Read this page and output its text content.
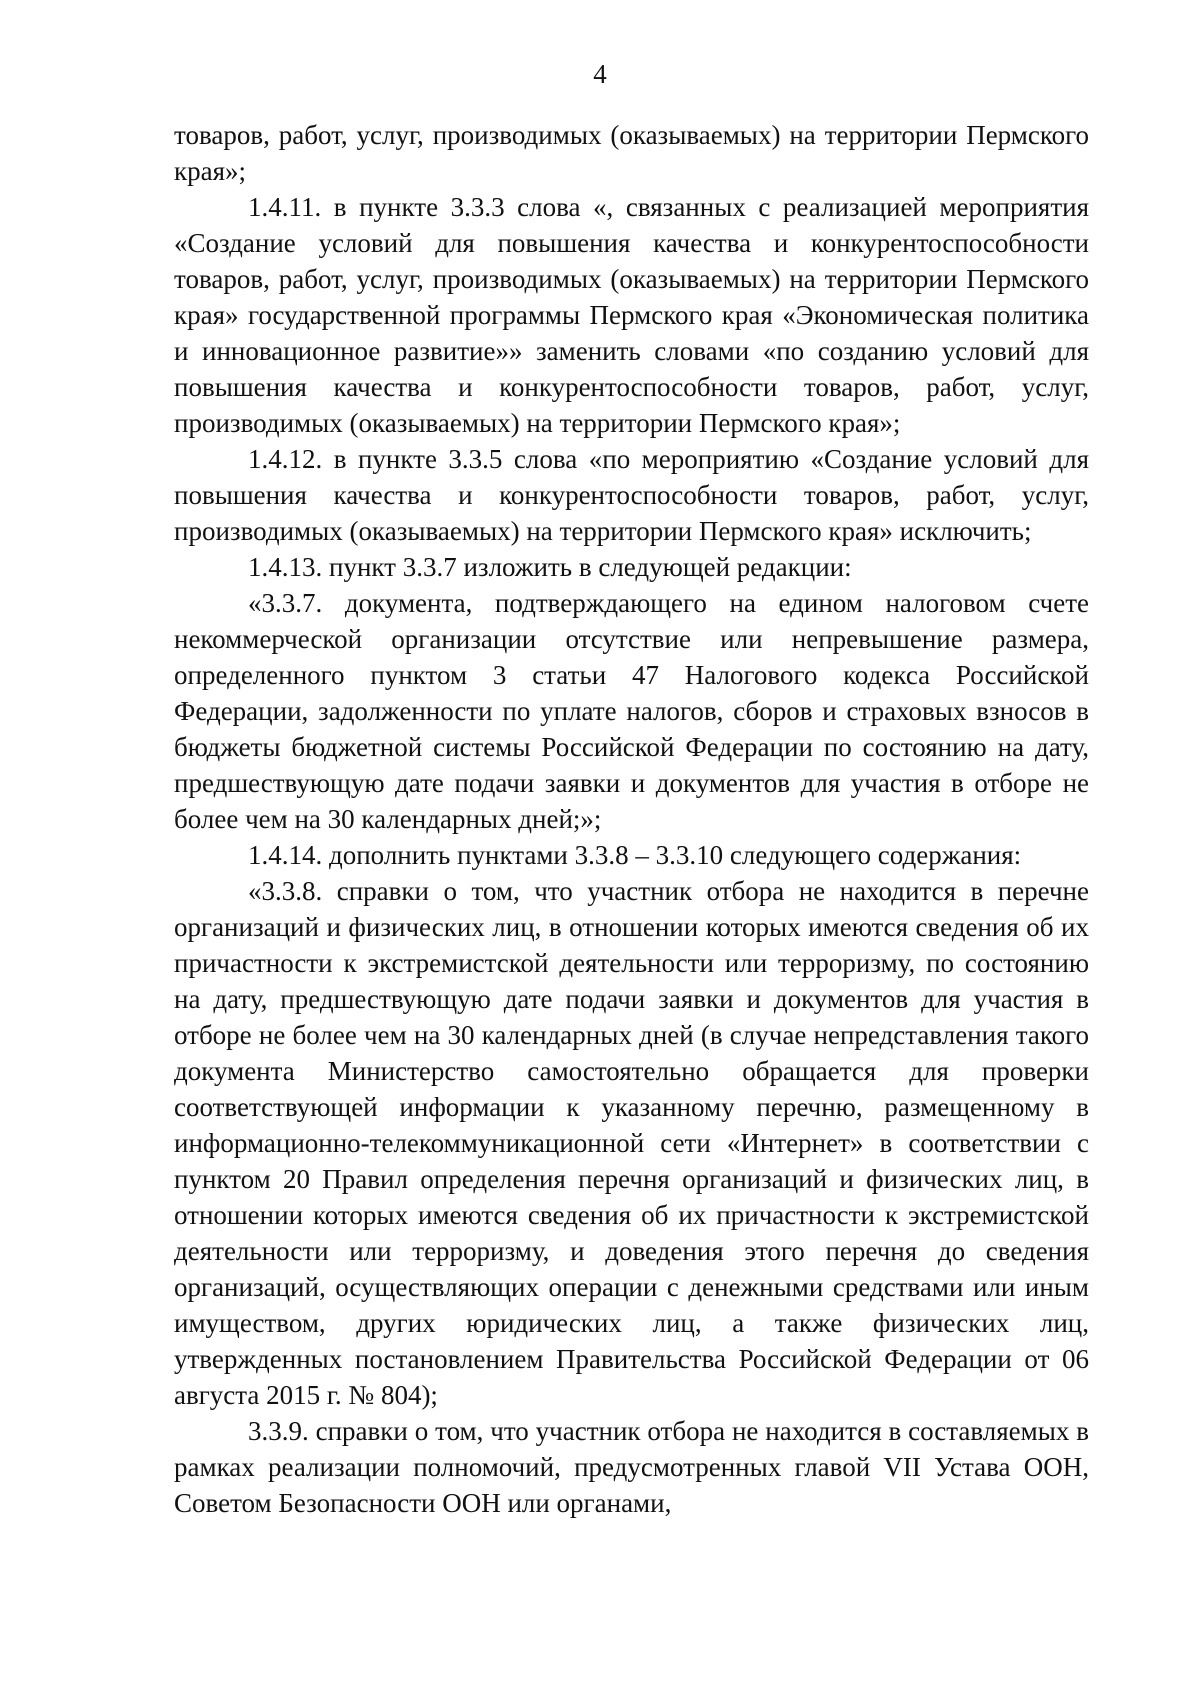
4

товаров, работ, услуг, производимых (оказываемых) на территории Пермского края»;

1.4.11. в пункте 3.3.3 слова «, связанных с реализацией мероприятия «Создание условий для повышения качества и конкурентоспособности товаров, работ, услуг, производимых (оказываемых) на территории Пермского края» государственной программы Пермского края «Экономическая политика и инновационное развитие»» заменить словами «по созданию условий для повышения качества и конкурентоспособности товаров, работ, услуг, производимых (оказываемых) на территории Пермского края»;

1.4.12. в пункте 3.3.5 слова «по мероприятию «Создание условий для повышения качества и конкурентоспособности товаров, работ, услуг, производимых (оказываемых) на территории Пермского края» исключить;

1.4.13. пункт 3.3.7 изложить в следующей редакции:

«3.3.7. документа, подтверждающего на едином налоговом счете некоммерческой организации отсутствие или непревышение размера, определенного пунктом 3 статьи 47 Налогового кодекса Российской Федерации, задолженности по уплате налогов, сборов и страховых взносов в бюджеты бюджетной системы Российской Федерации по состоянию на дату, предшествующую дате подачи заявки и документов для участия в отборе не более чем на 30 календарных дней;»;

1.4.14. дополнить пунктами 3.3.8 – 3.3.10 следующего содержания:

«3.3.8. справки о том, что участник отбора не находится в перечне организаций и физических лиц, в отношении которых имеются сведения об их причастности к экстремистской деятельности или терроризму, по состоянию на дату, предшествующую дате подачи заявки и документов для участия в отборе не более чем на 30 календарных дней (в случае непредставления такого документа Министерство самостоятельно обращается для проверки соответствующей информации к указанному перечню, размещенному в информационно-телекоммуникационной сети «Интернет» в соответствии с пунктом 20 Правил определения перечня организаций и физических лиц, в отношении которых имеются сведения об их причастности к экстремистской деятельности или терроризму, и доведения этого перечня до сведения организаций, осуществляющих операции с денежными средствами или иным имуществом, других юридических лиц, а также физических лиц, утвержденных постановлением Правительства Российской Федерации от 06 августа 2015 г. № 804);

3.3.9. справки о том, что участник отбора не находится в составляемых в рамках реализации полномочий, предусмотренных главой VII Устава ООН, Советом Безопасности ООН или органами,
